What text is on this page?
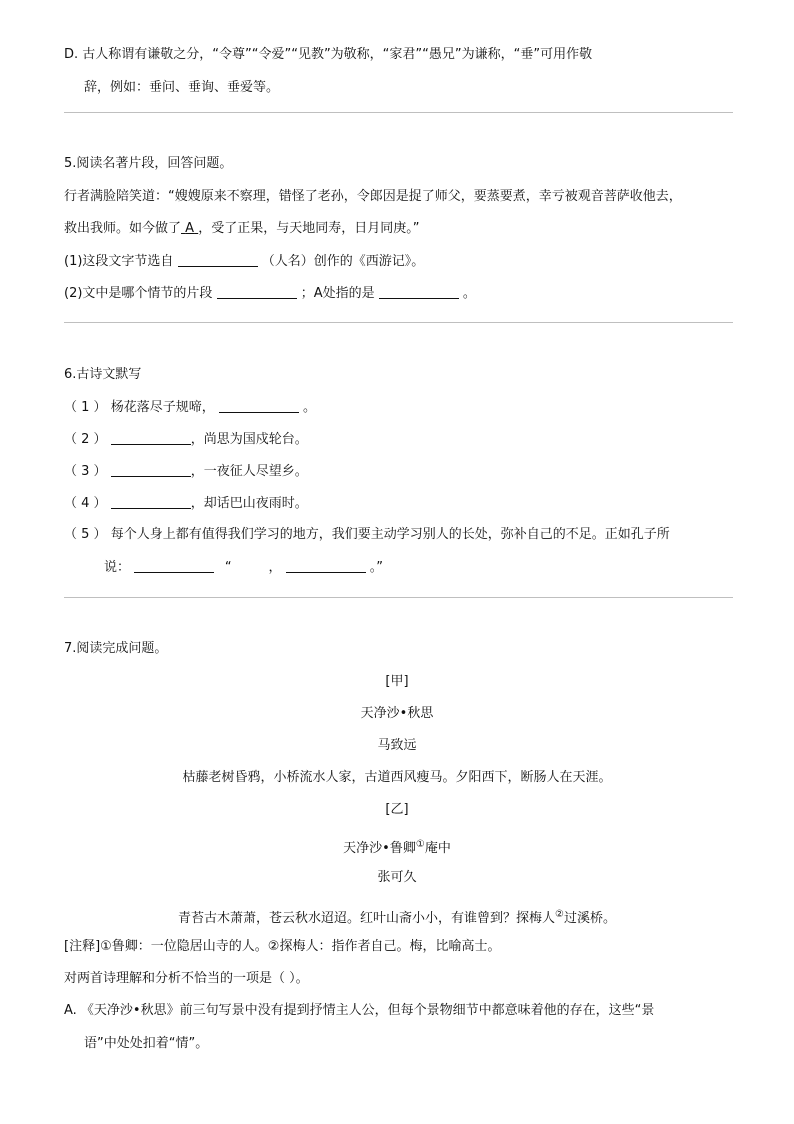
D. 古人称谓有谦敬之分，“令尊”“令爱”“见教”为敬称，“家君”“愚兄”为谦称，“垂”可用作敬
辞，例如：垂问、垂询、垂爱等。
5.阅读名著片段，回答问题。
行者满脸陪笑道：“嫂嫂原来不察理，错怪了老孙，令郎因是捉了师父，要蒸要煮，幸亏被观音菩萨收他去，
救出我师。如今做了 A ，受了正果，与天地同寿，日月同庚。”
(1)这段文字节选自	（人名）创作的《西游记》。
(2)文中是哪个情节的片段	；A处指的是	。
6.古诗文默写
（ 1 ） 杨花落尽子规啼，	。
（ 2 ）	，尚思为国戍轮台。
（ 3 ）	，一夜征人尽望乡。
（ 4 ）	，却话巴山夜雨时。
（ 5 ） 每个人身上都有值得我们学习的地方，我们要主动学习别人的长处，弥补自己的不足。正如孔子所
说：	“	，	。”
7.阅读完成问题。
[甲]
天净沙•秋思
马致远
枯藤老树昏鸦，小桥流水人家，古道西风瘦马。夕阳西下，断肠人在天涯。
[乙]
天净沙•鲁卿①庵中
张可久
青苔古木萧萧，苍云秋水迢迢。红叶山斋小小，有谁曾到？探梅人②过溪桥。
[注释]①鲁卿：一位隐居山寺的人。②探梅人：指作者自己。梅，比喻高士。
对两首诗理解和分析不恰当的一项是（ ）。
A. 《天净沙•秋思》前三句写景中没有提到抒情主人公，但每个景物细节中都意味着他的存在，这些“景
语”中处处扣着“情”。
